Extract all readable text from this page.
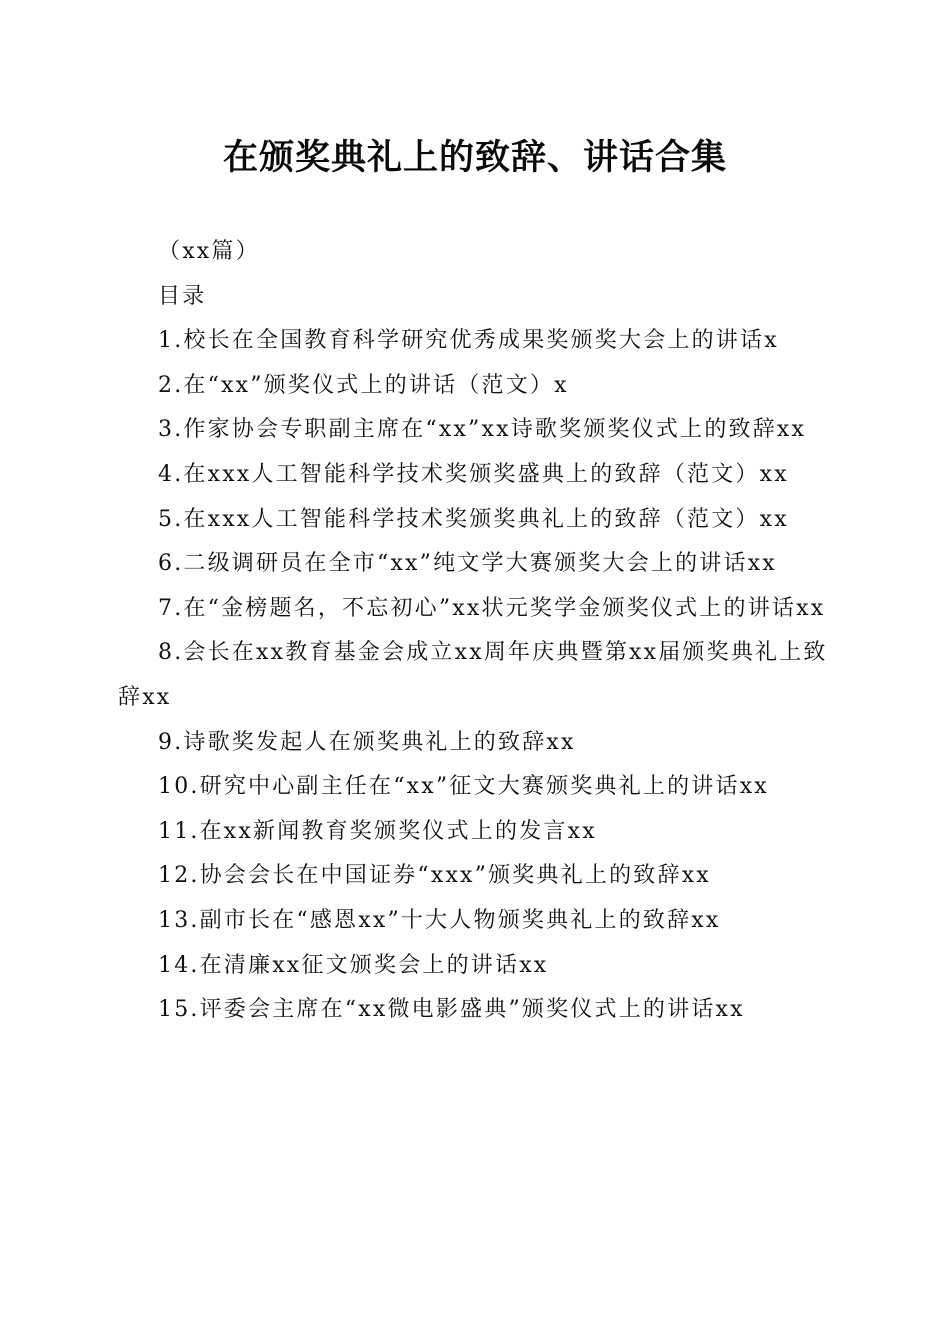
在颁奖典礼上的致辞、讲话合集

（xx篇）

目录

1.校长在全国教育科学研究优秀成果奖颁奖大会上的讲话x

2.在“xx”颁奖仪式上的讲话（范文）x

3.作家协会专职副主席在“xx”xx诗歌奖颁奖仪式上的致辞xx

4.在xxx人工智能科学技术奖颁奖盛典上的致辞（范文）xx

5.在xxx人工智能科学技术奖颁奖典礼上的致辞（范文）xx

6.二级调研员在全市“xx”纯文学大赛颁奖大会上的讲话xx

7.在“金榜题名，不忘初心”xx状元奖学金颁奖仪式上的讲话xx

8.会长在xx教育基金会成立xx周年庆典暨第xx届颁奖典礼上致辞xx

9.诗歌奖发起人在颁奖典礼上的致辞xx

10.研究中心副主任在“xx”征文大赛颁奖典礼上的讲话xx

11.在xx新闻教育奖颁奖仪式上的发言xx

12.协会会长在中国证券“xxx”颁奖典礼上的致辞xx

13.副市长在“感恩xx”十大人物颁奖典礼上的致辞xx

14.在清廉xx征文颁奖会上的讲话xx

15.评委会主席在“xx微电影盛典”颁奖仪式上的讲话xx
